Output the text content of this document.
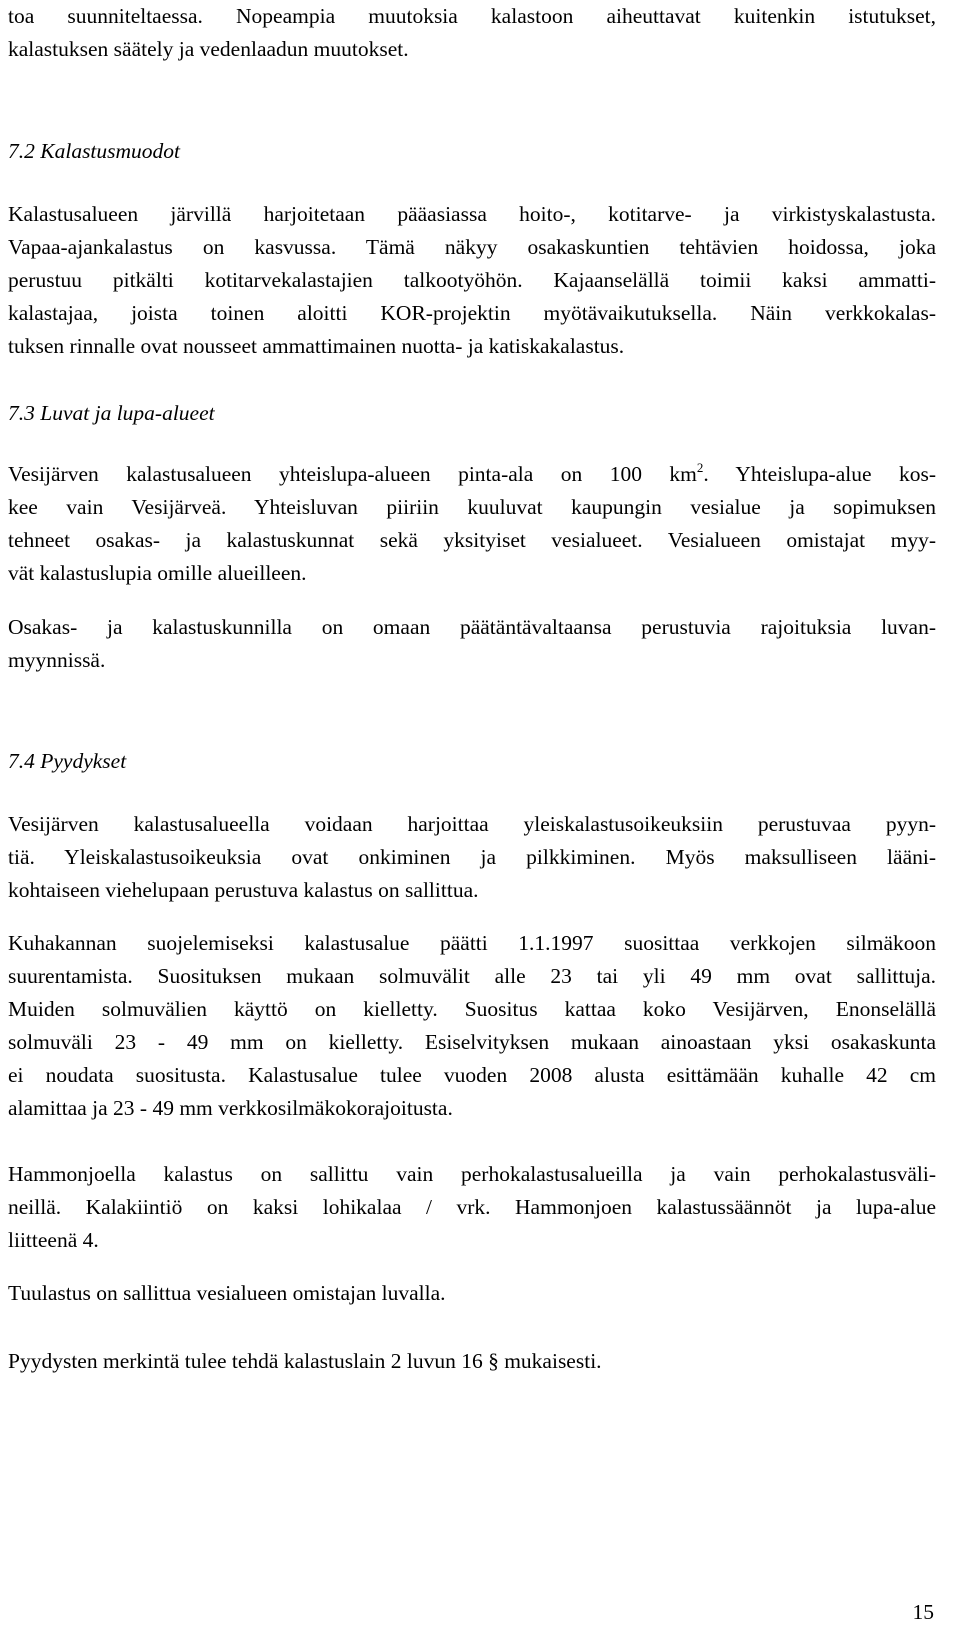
toa suunniteltaessa. Nopeampia muutoksia kalastoon aiheuttavat kuitenkin istutukset,
kalastuksen säätely ja vedenlaadun muutokset.
7.2 Kalastusmuodot
Kalastusalueen järvillä harjoitetaan pääasiassa hoito-, kotitarve- ja virkistyskalastusta.
Vapaa-ajankalastus on kasvussa. Tämä näkyy osakaskuntien tehtävien hoidossa, joka
perustuu pitkälti kotitarvekalastajien talkootyöhön. Kajaanselällä toimii kaksi ammatti-
kalastajaa, joista toinen aloitti KOR-projektin myötävaikutuksella. Näin verkkokalas-
tuksen rinnalle ovat nousseet ammattimainen nuotta- ja katiskakalastus.
7.3 Luvat ja lupa-alueet
Vesijärven kalastusalueen yhteislupa-alueen pinta-ala on 100 $km^2$. Yhteislupa-alue kos-
kee vain Vesijärveä. Yhteisluvan piiriin kuuluvat kaupungin vesialue ja sopimuksen
tehneet osakas- ja kalastuskunnat sekä yksityiset vesialueet. Vesialueen omistajat myy-
vät kalastuslupia omille alueilleen.
Osakas- ja kalastuskunnilla on omaan päätäntävaltaansa perustuvia rajoituksia luvan-
myynnissä.
7.4 Pyydykset
Vesijärven kalastusalueella voidaan harjoittaa yleiskalastusoikeuksiin perustuvaa pyyn-
tiä. Yleiskalastusoikeuksia ovat onkiminen ja pilkkiminen. Myös maksulliseen lääni-
kohtaiseen viehelupaan perustuva kalastus on sallittua.
Kuhakannan suojelemiseksi kalastusalue päätti 1.1.1997 suosittaa verkkojen silmäkoon
suurentamista. Suosituksen mukaan solmuvälit alle 23 tai yli 49 mm ovat sallittuja.
Muiden solmuvälien käyttö on kielletty. Suositus kattaa koko Vesijärven, Enonselällä
solmuväli 23 - 49 mm on kielletty. Esiselvityksen mukaan ainoastaan yksi osakaskunta
ei noudata suositusta. Kalastusalue tulee vuoden 2008 alusta esittämään kuhalle 42 cm
alamittaa ja 23 - 49 mm verkkosilmäkokorajoitusta.
Hammonjoella kalastus on sallittu vain perhokalastusalueilla ja vain perhokalastusväli-
neillä. Kalakiintiö on kaksi lohikalaa / vrk. Hammonjoen kalastussäännöt ja lupa-alue
liitteenä 4.
Tuulastus on sallittua vesialueen omistajan luvalla.
Pyydysten merkintä tulee tehdä kalastuslain 2 luvun 16 § mukaisesti.
15
